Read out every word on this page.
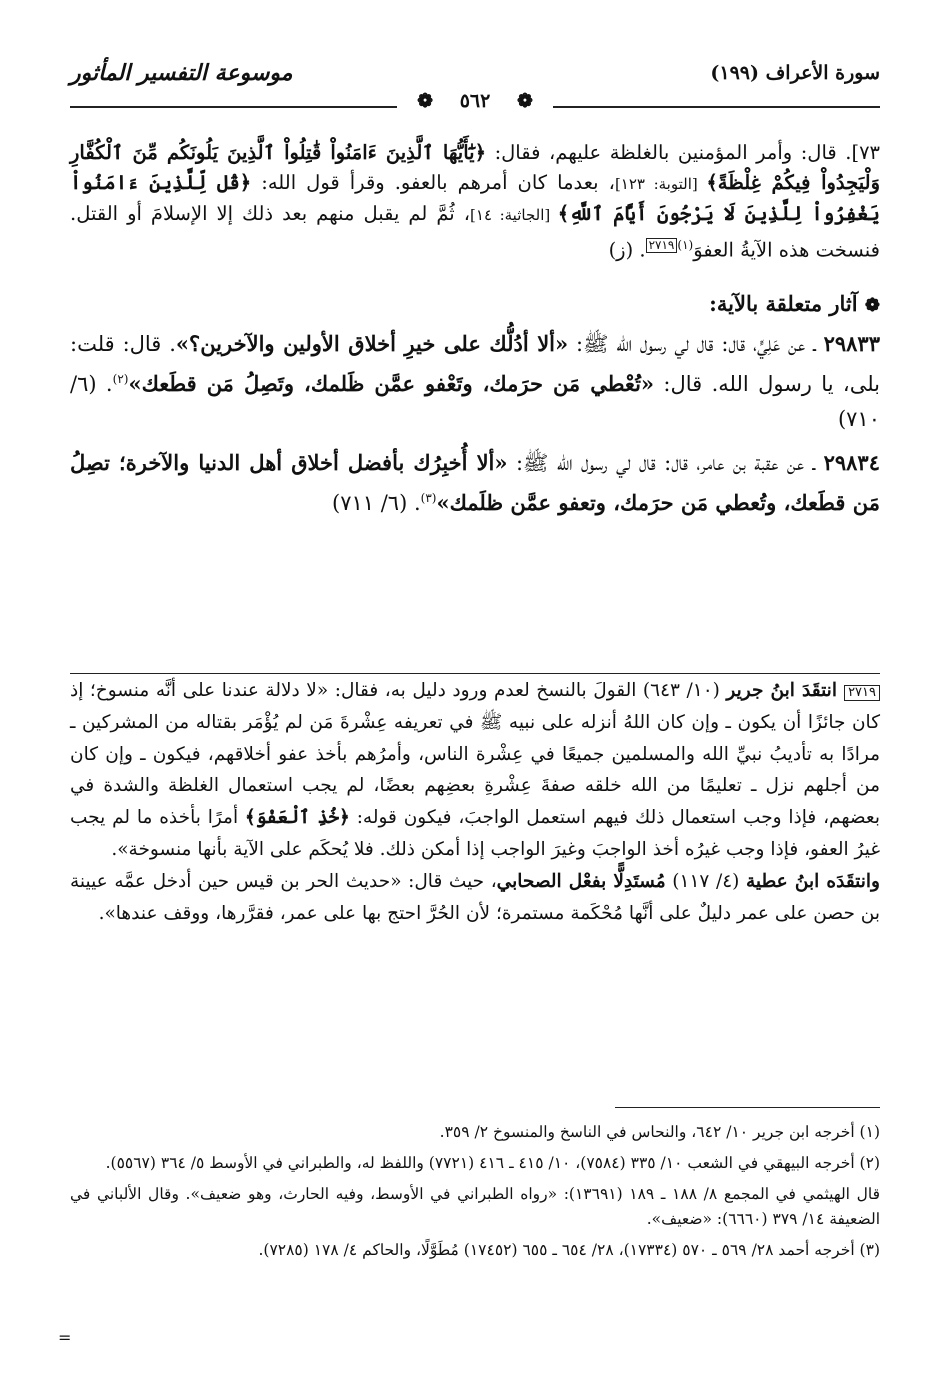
سورة الأعراف (١٩٩)
موسوعة التفسير المأثور
❁ ٥٦٢ ❁

٧٣]. قال: وأمر المؤمنين بالغلظة عليهم، فقال: ﴿يَٰٓأَيُّهَا ٱلَّذِينَ ءَامَنُواْ قَٰتِلُواْ ٱلَّذِينَ يَلُونَكُم مِّنَ ٱلْكُفَّارِ وَلْيَجِدُواْ فِيكُمْ غِلْظَةً﴾ [التوبة: ١٢٣]، بعدما كان أمرهم بالعفو. وقرأ قول الله: ﴿قُل لِّلَّذِينَ ءَامَنُواْ يَغْفِرُواْ لِلَّذِينَ لَا يَرْجُونَ أَيَّامَ ٱللَّهِ﴾ [الجاثية: ١٤]، ثُمَّ لم يقبل منهم بعد ذلك إلا الإسلامَ أو القتل. فنسخت هذه الآيةُ العفوَ$^{(١)}$٢٧١٩. (ز)

❁ آثار متعلقة بالآية:

٢٩٨٣٣ ـ عن عَلِيٍّ، قال: قال لي رسول الله ﷺ: «ألا أدُلُّك على خيرِ أخلاق الأولين والآخرين؟». قال: قلت: بلى، يا رسول الله. قال: «تُعْطي مَن حرَمك، وتَعْفو عمَّن ظَلمك، وتَصِلُ مَن قطَعك»$^{(٢)}$. (٦/ ٧١٠)

٢٩٨٣٤ ـ عن عقبة بن عامر، قال: قال لي رسول الله ﷺ: «ألا أُخبِرُك بأفضل أخلاق أهل الدنيا والآخرة؛ تصِلُ مَن قطَعك، وتُعطي مَن حرَمك، وتعفو عمَّن ظلَمك»$^{(٣)}$. (٦/ ٧١١)

٢٧١٩ انتقَدَ ابنُ جرير (١٠/ ٦٤٣) القولَ بالنسخ لعدم ورود دليل به، فقال: «لا دلالة عندنا على أنَّه منسوخ؛ إذ كان جائزًا أن يكون ـ وإن كان اللهُ أنزله على نبيه ﷺ في تعريفه عِشْرةَ مَن لم يُؤْمَر بقتاله من المشركين ـ مرادًا به تأديبُ نبيِّ الله والمسلمين جميعًا في عِشْرة الناس، وأمرُهم بأخذ عفو أخلاقهم، فيكون ـ وإن كان من أجلهم نزل ـ تعليمًا من الله خلقه صفةَ عِشْرةِ بعضِهم بعضًا، لم يجب استعمال الغلظة والشدة في بعضهم، فإذا وجب استعمال ذلك فيهم استعمل الواجبَ، فيكون قوله: ﴿خُذِ ٱلْعَفْوَ﴾ أمرًا بأخذه ما لم يجب غيرُ العفو، فإذا وجب غيرُه أخذ الواجبَ وغيرَ الواجب إذا أمكن ذلك. فلا يُحكَم على الآية بأنها منسوخة».

وانتقَدَه ابنُ عطية (٤/ ١١٧) مُستَدِلًّا بفعْل الصحابي، حيث قال: «حديث الحر بن قيس حين أدخل عمَّه عيينة بن حصن على عمر دليلٌ على أنَّها مُحْكَمة مستمرة؛ لأن الحُرَّ احتج بها على عمر، فقرَّرها، ووقف عندها».

(١) أخرجه ابن جرير ١٠/ ٦٤٢، والنحاس في الناسخ والمنسوخ ٢/ ٣٥٩.

(٢) أخرجه البيهقي في الشعب ١٠/ ٣٣٥ (٧٥٨٤)، ١٠/ ٤١٥ ـ ٤١٦ (٧٧٢١) واللفظ له، والطبراني في الأوسط ٥/ ٣٦٤ (٥٥٦٧).

قال الهيثمي في المجمع ٨/ ١٨٨ ـ ١٨٩ (١٣٦٩١): «رواه الطبراني في الأوسط، وفيه الحارث، وهو ضعيف». وقال الألباني في الضعيفة ١٤/ ٣٧٩ (٦٦٦٠): «ضعيف».

(٣) أخرجه أحمد ٢٨/ ٥٦٩ ـ ٥٧٠ (١٧٣٣٤)، ٢٨/ ٦٥٤ ـ ٦٥٥ (١٧٤٥٢) مُطَوَّلًا، والحاكم ٤/ ١٧٨ (٧٢٨٥).

=
